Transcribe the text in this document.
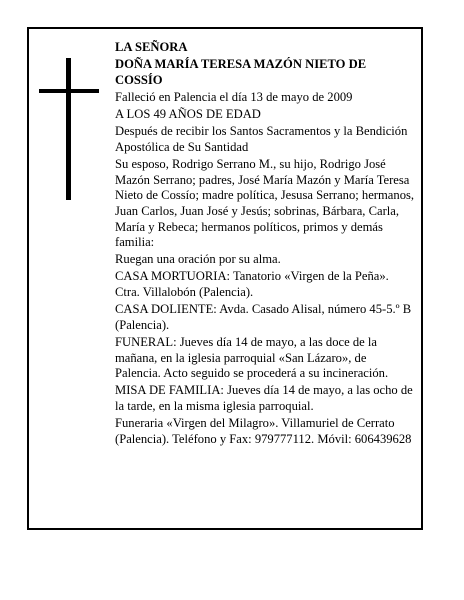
LA SEÑORA

DOÑA MARÍA TERESA MAZÓN NIETO DE COSSÍO

Falleció en Palencia el día 13 de mayo de 2009

A LOS 49 AÑOS DE EDAD

Después de recibir los Santos Sacramentos y la Bendición Apostólica de Su Santidad

Su esposo, Rodrigo Serrano M., su hijo, Rodrigo José Mazón Serrano; padres, José María Mazón y María Teresa Nieto de Cossío; madre política, Jesusa Serrano; hermanos, Juan Carlos, Juan José y Jesús; sobrinas, Bárbara, Carla, María y Rebeca; hermanos políticos, primos y demás familia:

Ruegan una oración por su alma.

CASA MORTUORIA: Tanatorio «Virgen de la Peña». Ctra. Villalobón (Palencia).

CASA DOLIENTE: Avda. Casado Alisal, número 45-5.º B (Palencia).

FUNERAL: Jueves día 14 de mayo, a las doce de la mañana, en la iglesia parroquial «San Lázaro», de Palencia. Acto seguido se procederá a su incineración.

MISA DE FAMILIA: Jueves día 14 de mayo, a las ocho de la tarde, en la misma iglesia parroquial.

Funeraria «Virgen del Milagro». Villamuriel de Cerrato (Palencia). Teléfono y Fax: 979777112. Móvil: 606439628
